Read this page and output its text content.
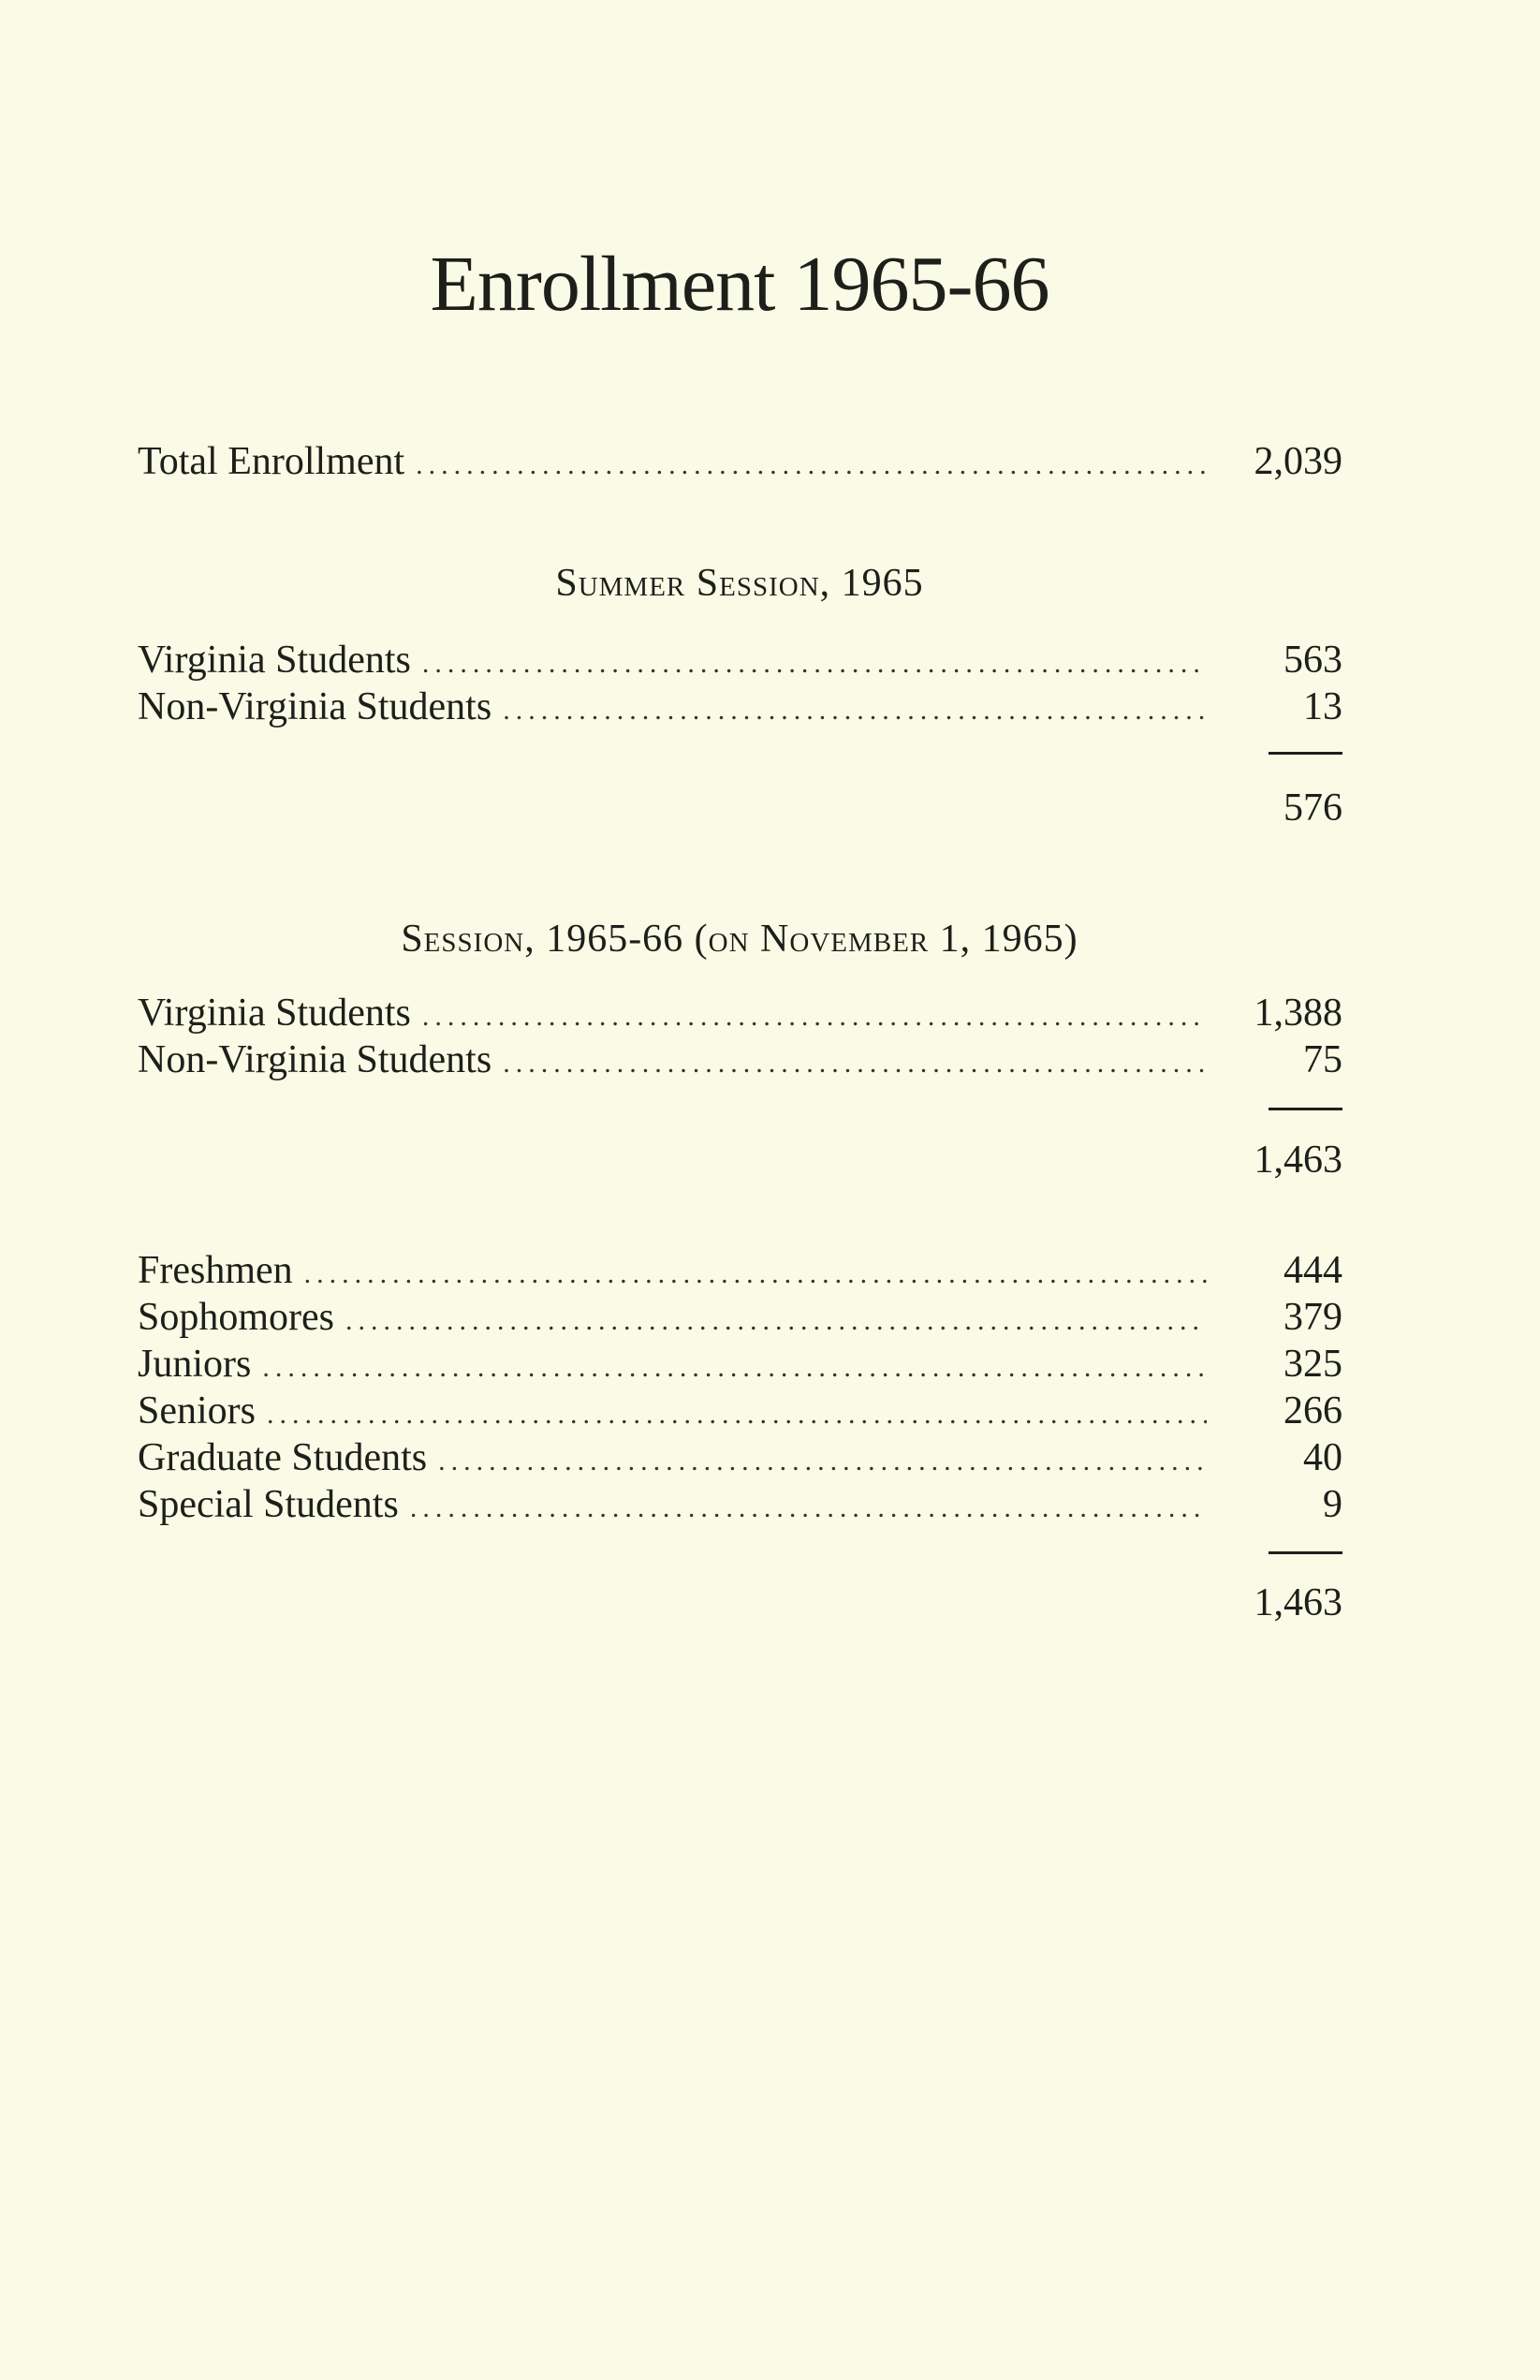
Enrollment 1965-66
Total Enrollment .....	2,039
Summer Session, 1965
Virginia Students .....	563
Non-Virginia Students .....	13
576
Session, 1965-66 (on November 1, 1965)
Virginia Students .....	1,388
Non-Virginia Students .....	75
1,463
Freshmen .....	444
Sophomores .....	379
Juniors .....	325
Seniors .....	266
Graduate Students .....	40
Special Students .....	9
1,463
